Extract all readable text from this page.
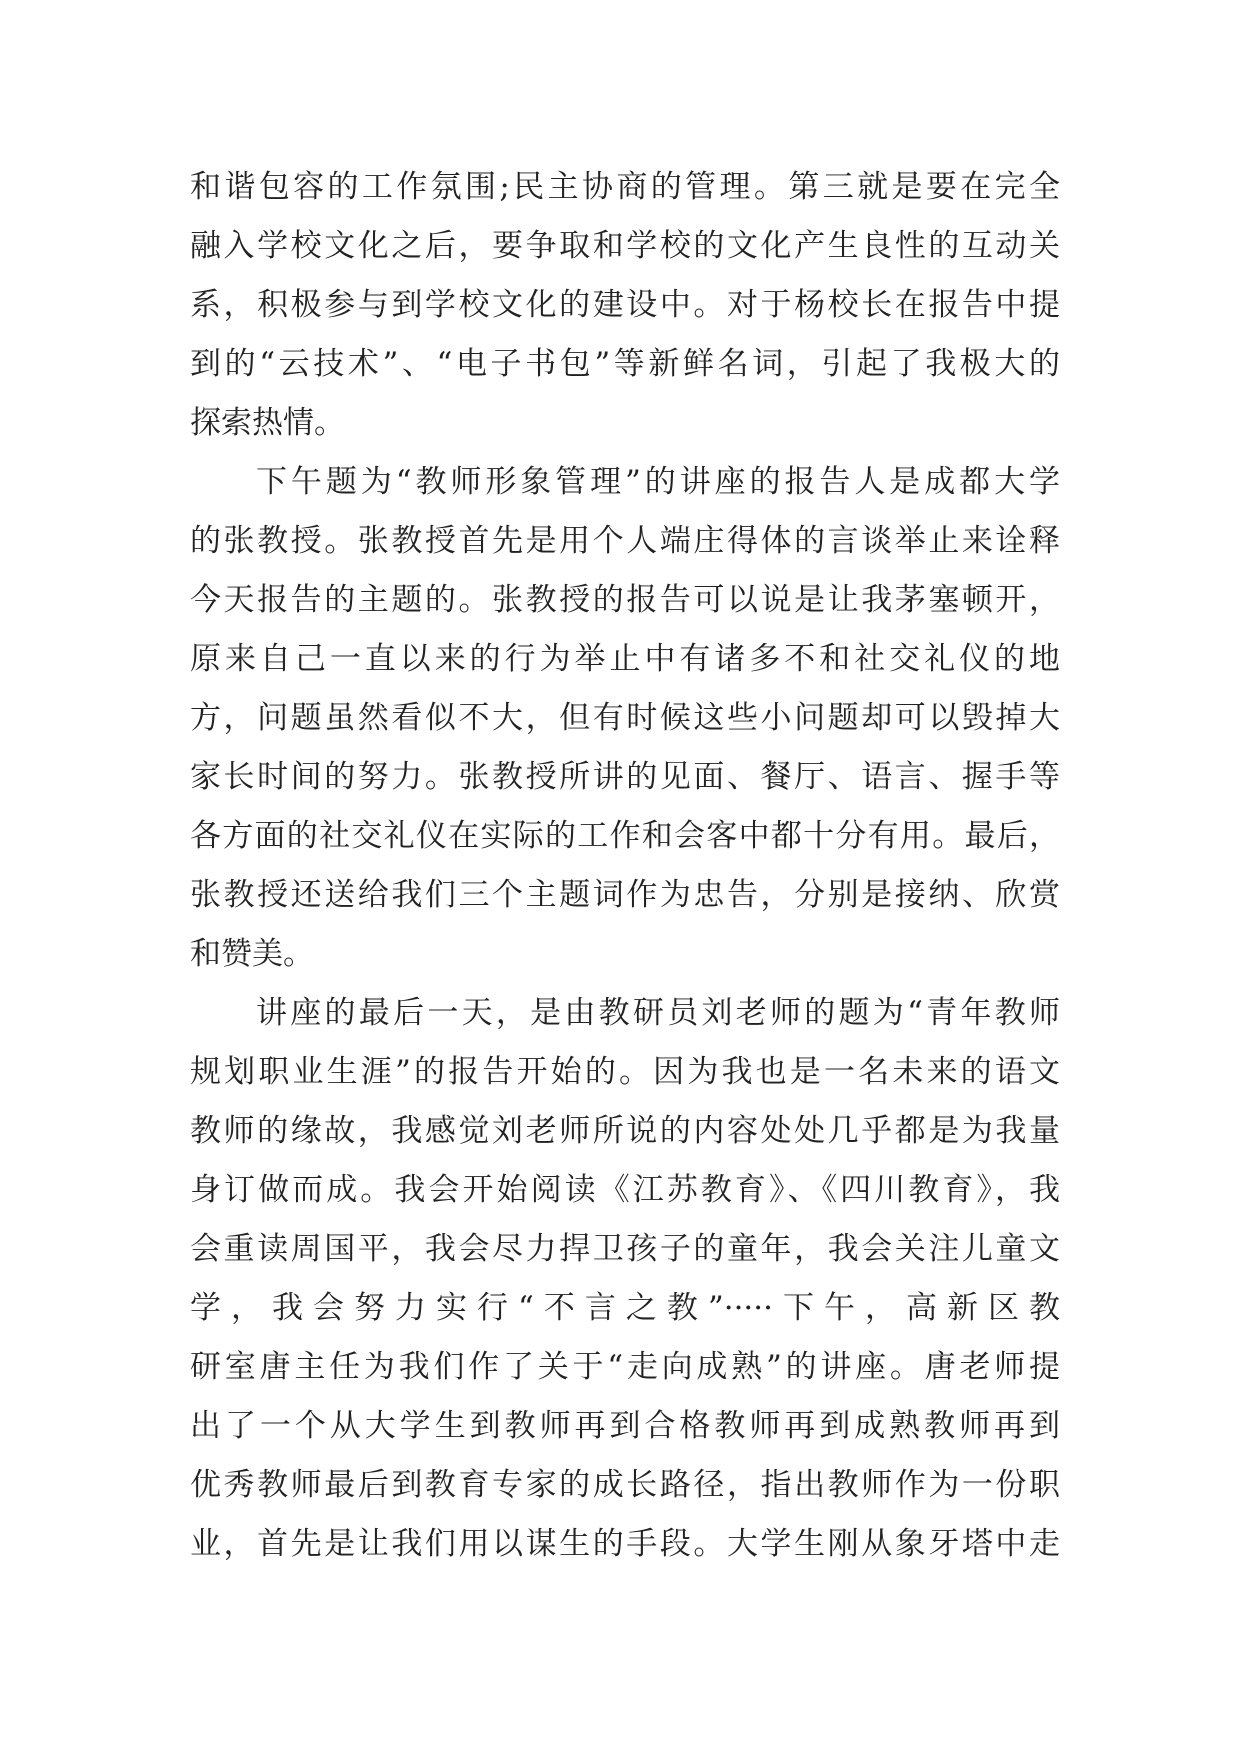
和谐包容的工作氛围;民主协商的管理。第三就是要在完全
融入学校文化之后，要争取和学校的文化产生良性的互动关
系，积极参与到学校文化的建设中。对于杨校长在报告中提
到的“云技术”、“电子书包”等新鲜名词，引起了我极大的
探索热情。
下午题为“教师形象管理”的讲座的报告人是成都大学
的张教授。张教授首先是用个人端庄得体的言谈举止来诠释
今天报告的主题的。张教授的报告可以说是让我茅塞顿开，
原来自己一直以来的行为举止中有诸多不和社交礼仪的地
方，问题虽然看似不大，但有时候这些小问题却可以毁掉大
家长时间的努力。张教授所讲的见面、餐厅、语言、握手等
各方面的社交礼仪在实际的工作和会客中都十分有用。最后，
张教授还送给我们三个主题词作为忠告，分别是接纳、欣赏
和赞美。
讲座的最后一天，是由教研员刘老师的题为“青年教师
规划职业生涯”的报告开始的。因为我也是一名未来的语文
教师的缘故，我感觉刘老师所说的内容处处几乎都是为我量
身订做而成。我会开始阅读《江苏教育》、《四川教育》，我
会重读周国平，我会尽力捍卫孩子的童年，我会关注儿童文
学，我会努力实行“不言之教”·····下午，高新区教
研室唐主任为我们作了关于“走向成熟”的讲座。唐老师提
出了一个从大学生到教师再到合格教师再到成熟教师再到
优秀教师最后到教育专家的成长路径，指出教师作为一份职
业，首先是让我们用以谋生的手段。大学生刚从象牙塔中走
